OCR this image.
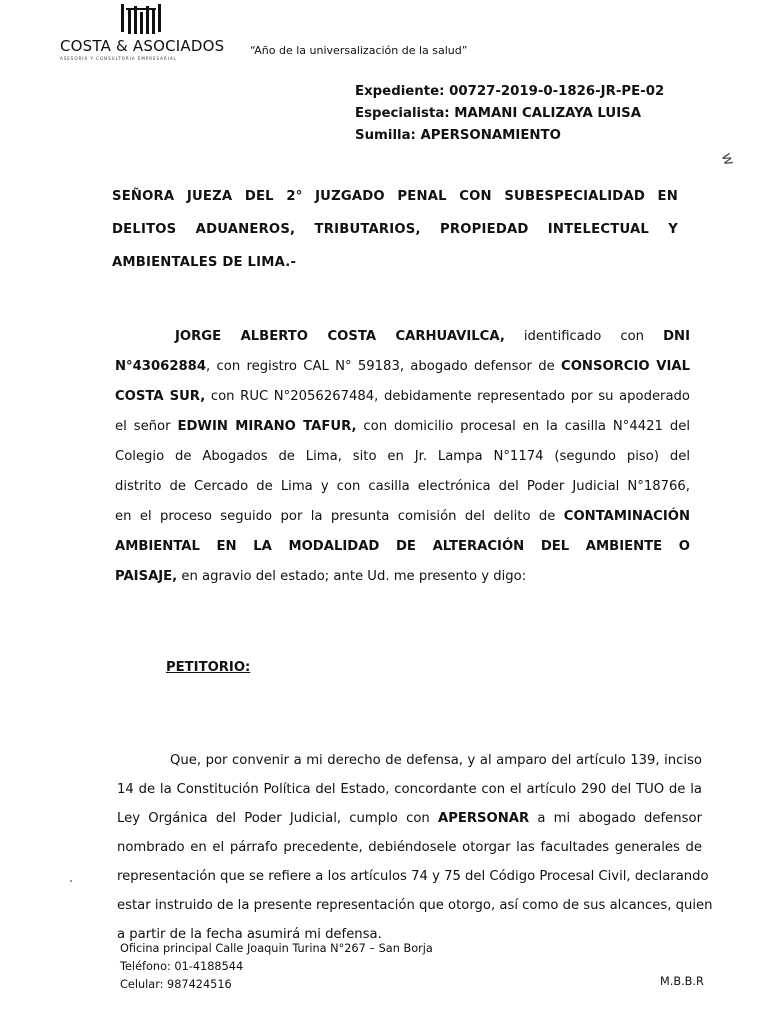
COSTA & ASOCIADOS
ASESORIA Y CONSULTORIA EMPRESARIAL
“Año de la universalización de la salud”
Expediente: 00727-2019-0-1826-JR-PE-02
Especialista: MAMANI CALIZAYA LUISA
Sumilla: APERSONAMIENTO
w
SEÑORA JUEZA DEL 2° JUZGADO PENAL CON SUBESPECIALIDAD EN
DELITOS ADUANEROS, TRIBUTARIOS, PROPIEDAD INTELECTUAL Y
AMBIENTALES DE LIMA.-
JORGE ALBERTO COSTA CARHUAVILCA, identificado con DNI
N°43062884, con registro CAL N° 59183, abogado defensor de CONSORCIO VIAL
COSTA SUR, con RUC N°2056267484, debidamente representado por su apoderado
el señor EDWIN MIRANO TAFUR, con domicilio procesal en la casilla N°4421 del
Colegio de Abogados de Lima, sito en Jr. Lampa N°1174 (segundo piso) del
distrito de Cercado de Lima y con casilla electrónica del Poder Judicial N°18766,
en el proceso seguido por la presunta comisión del delito de CONTAMINACIÓN
AMBIENTAL EN LA MODALIDAD DE ALTERACIÓN DEL AMBIENTE O
PAISAJE, en agravio del estado; ante Ud. me presento y digo:
PETITORIO:
Que, por convenir a mi derecho de defensa, y al amparo del artículo 139, inciso
14 de la Constitución Política del Estado, concordante con el artículo 290 del TUO de la
Ley Orgánica del Poder Judicial, cumplo con APERSONAR a mi abogado defensor
nombrado en el párrafo precedente, debiéndosele otorgar las facultades generales de
representación que se refiere a los artículos 74 y 75 del Código Procesal Civil, declarando
estar instruido de la presente representación que otorgo, así como de sus alcances, quien
a partir de la fecha asumirá mi defensa.
Oficina principal Calle Joaquin Turina N°267 – San Borja
Teléfono: 01-4188544
Celular: 987424516	M.B.B.R
